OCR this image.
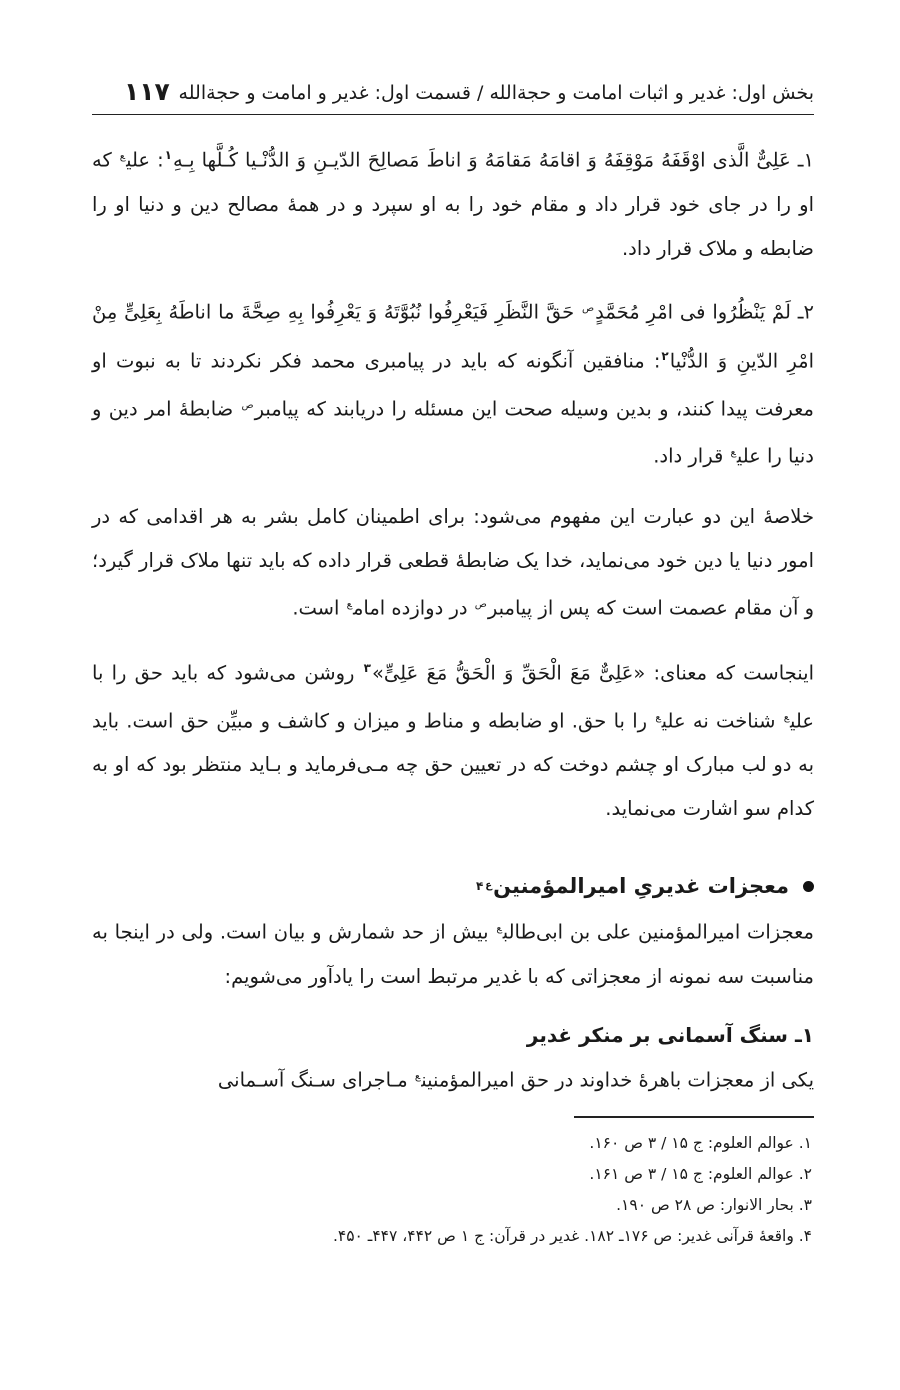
بخش اول: غدیر و اثبات امامت و حجةالله / قسمت اول: غدیر و امامت و حجةالله
۱۱۷

۱ـ عَلِیٌّ الَّذی اوْقَفَهُ مَوْقِفَهُ وَ اقامَهُ مَقامَهُ وَ اناطَ مَصالِحَ الدّیـنِ وَ الدُّنْـیا کُـلَّها بِـهِ$^۱$: علی$^ع$ که او را در جای خود قرار داد و مقام خود را به او سپرد و در همهٔ مصالح دین و دنیا او را ضابطه و ملاک قرار داد.

۲ـ لَمْ یَنْظُرُوا فی امْرِ مُحَمَّدٍ$^ص$ حَقَّ النَّظَرِ فَیَعْرِفُوا نُبُوَّتَهُ وَ یَعْرِفُوا بِهِ صِحَّةَ ما اناطَهُ بِعَلِیٍّ مِنْ امْرِ الدّینِ وَ الدُّنْیا$^۲$: منافقین آنگونه که باید در پیامبری محمد فکر نکردند تا به نبوت او معرفت پیدا کنند، و بدین وسیله صحت این مسئله را دریابند که پیامبر$^ص$ ضابطهٔ امر دین و دنیا را علی$^ع$ قرار داد.

خلاصهٔ این دو عبارت این مفهوم می‌شود: برای اطمینان کامل بشر به هر اقدامی که در امور دنیا یا دین خود می‌نماید، خدا یک ضابطهٔ قطعی قرار داده که باید تنها ملاک قرار گیرد؛ و آن مقام عصمت است که پس از پیامبر$^ص$ در دوازده امام$^ع$ است.

اینجاست که معنای: «عَلِیٌّ مَعَ الْحَقِّ وَ الْحَقُّ مَعَ عَلِیٍّ»$^۳$ روشن می‌شود که باید حق را با علی$^ع$ شناخت نه علی$^ع$ را با حق. او ضابطه و مناط و میزان و کاشف و مبیِّن حق است. باید به دو لب مبارک او چشم دوخت که در تعیین حق چه مـی‌فرماید و بـاید منتظر بود که او به کدام سو اشارت می‌نماید.

معجزات غدیریِ امیرالمؤمنین
ع
۴

معجزات امیرالمؤمنین علی بن ابی‌طالب$^ع$ بیش از حد شمارش و بیان است. ولی در اینجا به مناسبت سه نمونه از معجزاتی که با غدیر مرتبط است را یادآور می‌شویم:

۱ـ سنگ آسمانی بر منکر غدیر

یکی از معجزات باهرهٔ خداوند در حق امیرالمؤمنین$^ع$ مـاجرای سـنگ آسـمانی

۱. عوالم العلوم: ج ۱۵ / ۳ ص ۱۶۰.
۲. عوالم العلوم: ج ۱۵ / ۳ ص ۱۶۱.
۳. بحار الانوار: ص ۲۸ ص ۱۹۰.
۴. واقعهٔ قرآنی غدیر: ص ۱۷۶ـ ۱۸۲. غدیر در قرآن: ج ۱ ص ۴۴۲، ۴۴۷ـ ۴۵۰.
